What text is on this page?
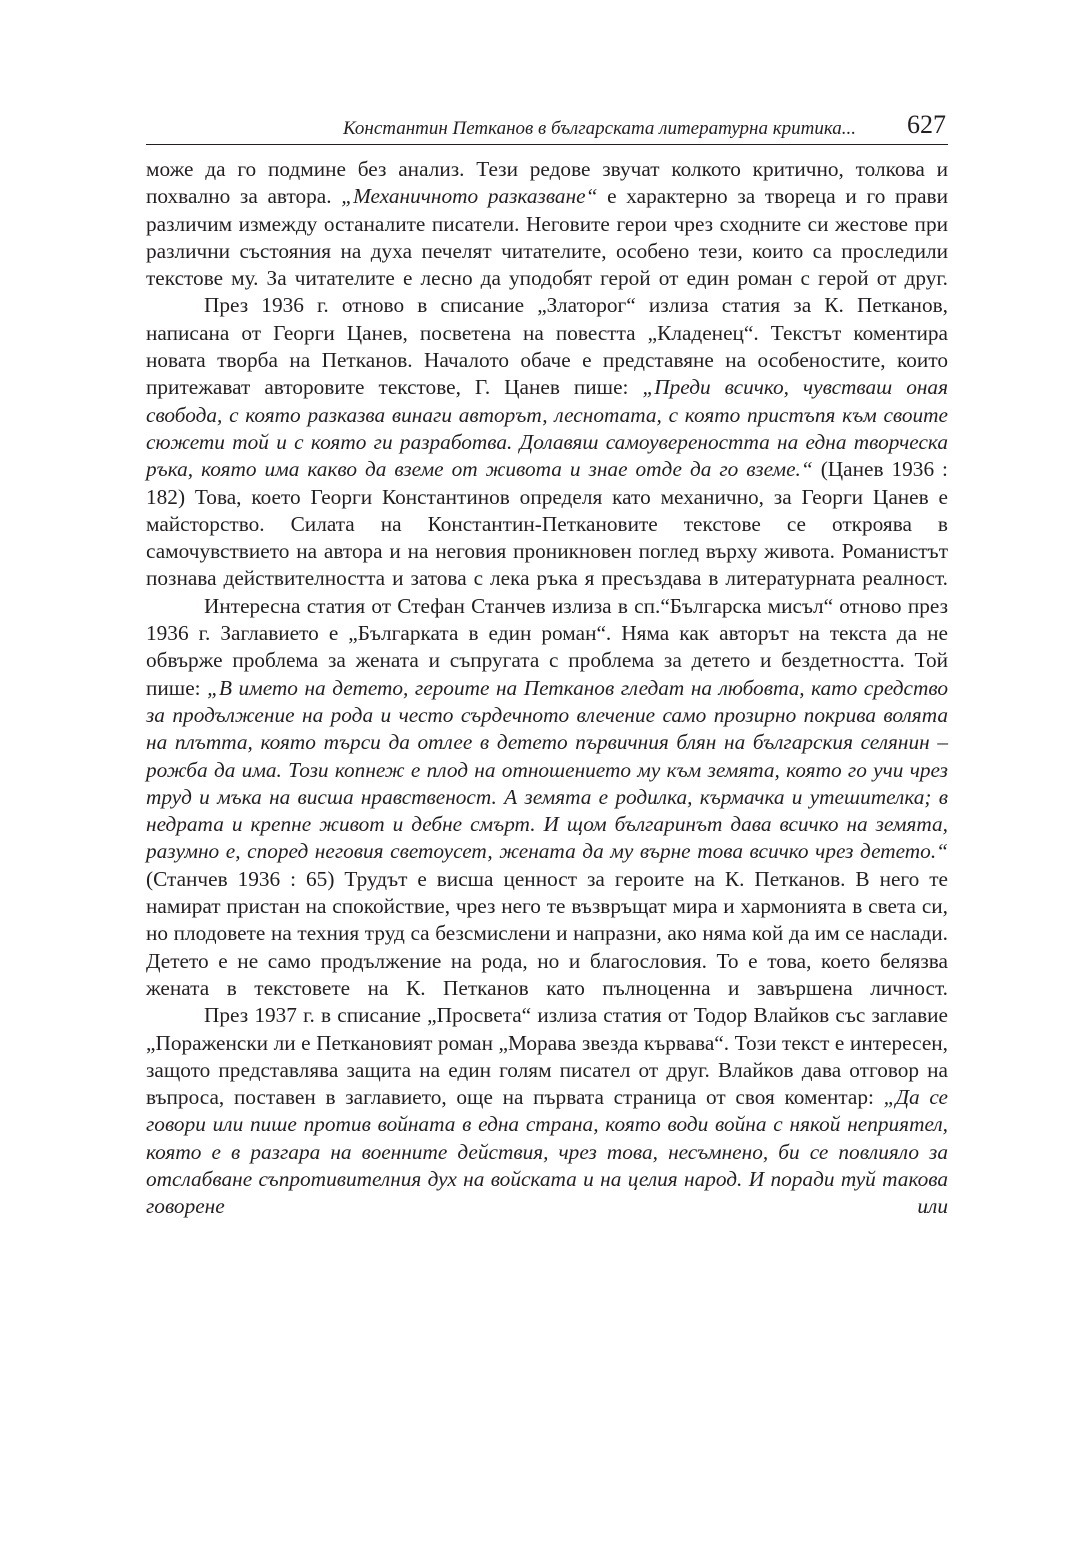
Константин Петканов в българската литературна критика... 627

може да го подмине без анализ. Тези редове звучат колкото критично, толкова и похвално за автора. „Механичното разказване“ е характерно за твореца и го прави различим измежду останалите писатели. Неговите герои чрез сходните си жестове при различни състояния на духа печелят читателите, особено тези, които са проследили текстове му. За читателите е лесно да уподобят герой от един роман с герой от друг.

През 1936 г. отново в списание „Златорог“ излиза статия за К. Петканов, написана от Георги Цанев, посветена на повестта „Кладенец“. Текстът коментира новата творба на Петканов. Началото обаче е представяне на особеностите, които притежават авторовите текстове, Г. Цанев пише: „Преди всичко, чувстваш оная свобода, с която разказва винаги авторът, леснотата, с която пристъпя към своите сюжети той и с която ги разработва. Долавяш самоувереността на една творческа ръка, която има какво да вземе от живота и знае отде да го вземе.“ (Цанев 1936 : 182) Това, което Георги Константинов определя като механично, за Георги Цанев е майсторство. Силата на Константин-Петкановите текстове се откроява в самочувствието на автора и на неговия проникновен поглед върху живота. Романистът познава действителността и затова с лека ръка я пресъздава в литературната реалност.

Интересна статия от Стефан Станчев излиза в сп.“Българска мисъл“ отново през 1936 г. Заглавието е „Българката в един роман“. Няма как авторът на текста да не обвърже проблема за жената и съпругата с проблема за детето и бездетността. Той пише: „В името на детето, героите на Петканов гледат на любовта, като средство за продължение на рода и често сърдечното влечение само прозирно покрива волята на плътта, която търси да отлее в детето първичния блян на българския селянин – рожба да има. Този копнеж е плод на отношението му към земята, която го учи чрез труд и мъка на висша нравственост. А земята е родилка, кърмачка и утешителка; в недрата и крепне живот и дебне смърт. И щом българинът дава всичко на земята, разумно е, според неговия светоусет, жената да му върне това всичко чрез детето.“ (Станчев 1936 : 65) Трудът е висша ценност за героите на К. Петканов. В него те намират пристан на спокойствие, чрез него те възвръщат мира и хармонията в света си, но плодовете на техния труд са безсмислени и напразни, ако няма кой да им се наслади. Детето е не само продължение на рода, но и благословия. То е това, което белязва жената в текстовете на К. Петканов като пълноценна и завършена личност.

През 1937 г. в списание „Просвета“ излиза статия от Тодор Влайков със заглавие „Пораженски ли е Петкановият роман „Морава звезда кървава“. Този текст е интересен, защото представлява защита на един голям писател от друг. Влайков дава отговор на въпроса, поставен в заглавието, още на първата страница от своя коментар: „Да се говори или пише против войната в една страна, която води война с някой неприятел, която е в разгара на военните действия, чрез това, несъмнено, би се повлияло за отслабване съпротивителния дух на войската и на целия народ. И поради туй такова говорене или
